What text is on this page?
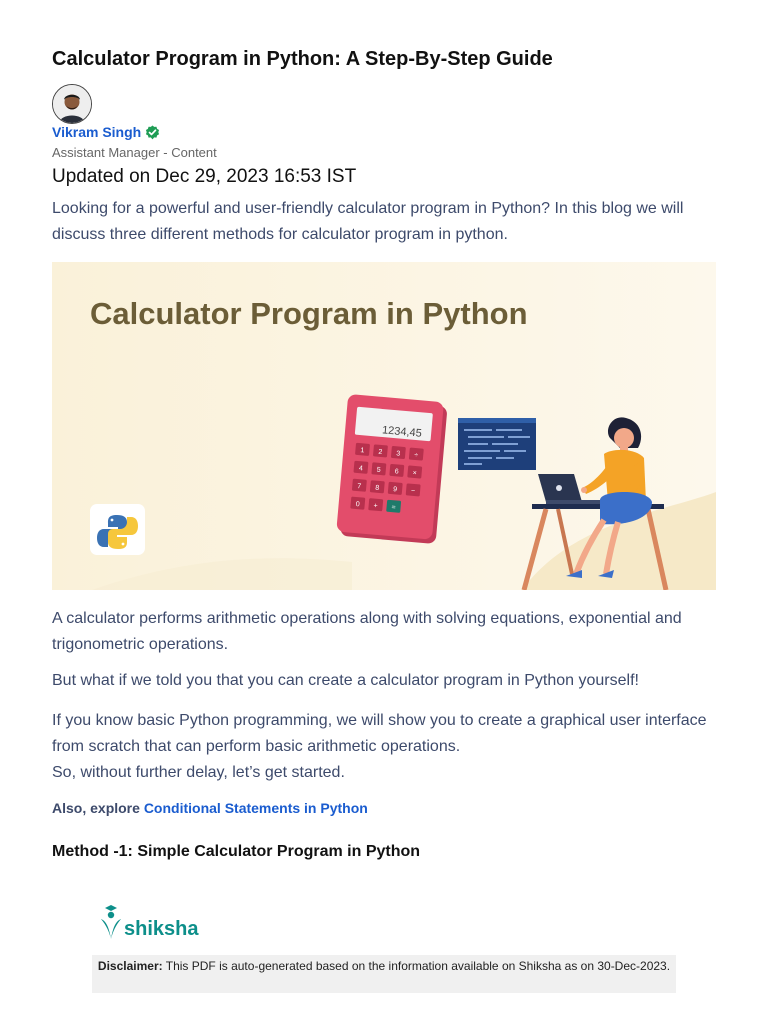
Calculator Program in Python: A Step-By-Step Guide
Vikram Singh
Assistant Manager - Content
Updated on Dec 29, 2023 16:53 IST
Looking for a powerful and user-friendly calculator program in Python? In this blog we will discuss three different methods for calculator program in python.
1 2 3 ÷
4 5 6 ×
7 8 9 −
0 + =
Calculator Program in Python
1234,45
A calculator performs arithmetic operations along with solving equations, exponential and trigonometric operations.
But what if we told you that you can create a calculator program in Python yourself!
If you know basic Python programming, we will show you to create a graphical user interface from scratch that can perform basic arithmetic operations.
So, without further delay, let’s get started.
Also, explore Conditional Statements in Python
Method -1: Simple Calculator Program in Python
shiksha
Disclaimer: This PDF is auto-generated based on the information available on Shiksha as on 30-Dec-2023.
